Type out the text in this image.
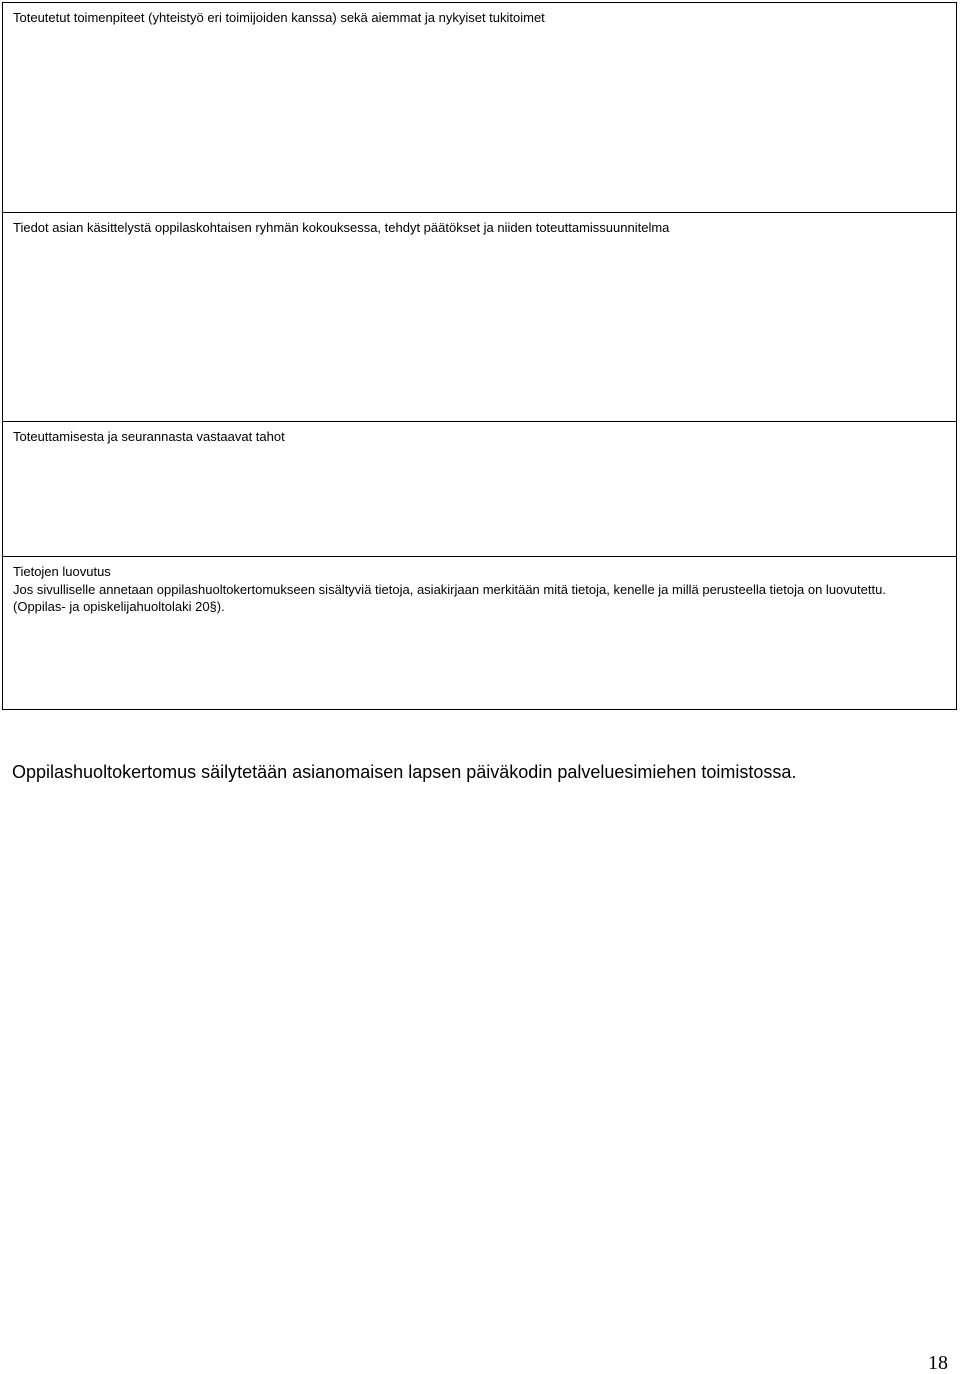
Toteutetut toimenpiteet (yhteistyö eri toimijoiden kanssa) sekä aiemmat ja nykyiset tukitoimet
Tiedot asian käsittelystä oppilaskohtaisen ryhmän kokouksessa, tehdyt päätökset ja niiden toteuttamissuunnitelma
Toteuttamisesta ja seurannasta vastaavat tahot
Tietojen luovutus
Jos sivulliselle annetaan oppilashuoltokertomukseen sisältyviä tietoja, asiakirjaan merkitään mitä tietoja, kenelle ja millä perusteella tietoja on luovutettu. (Oppilas- ja opiskelijahuoltolaki 20§).
Oppilashuoltokertomus säilytetään asianomaisen lapsen päiväkodin palveluesimiehen toimistossa.
18
